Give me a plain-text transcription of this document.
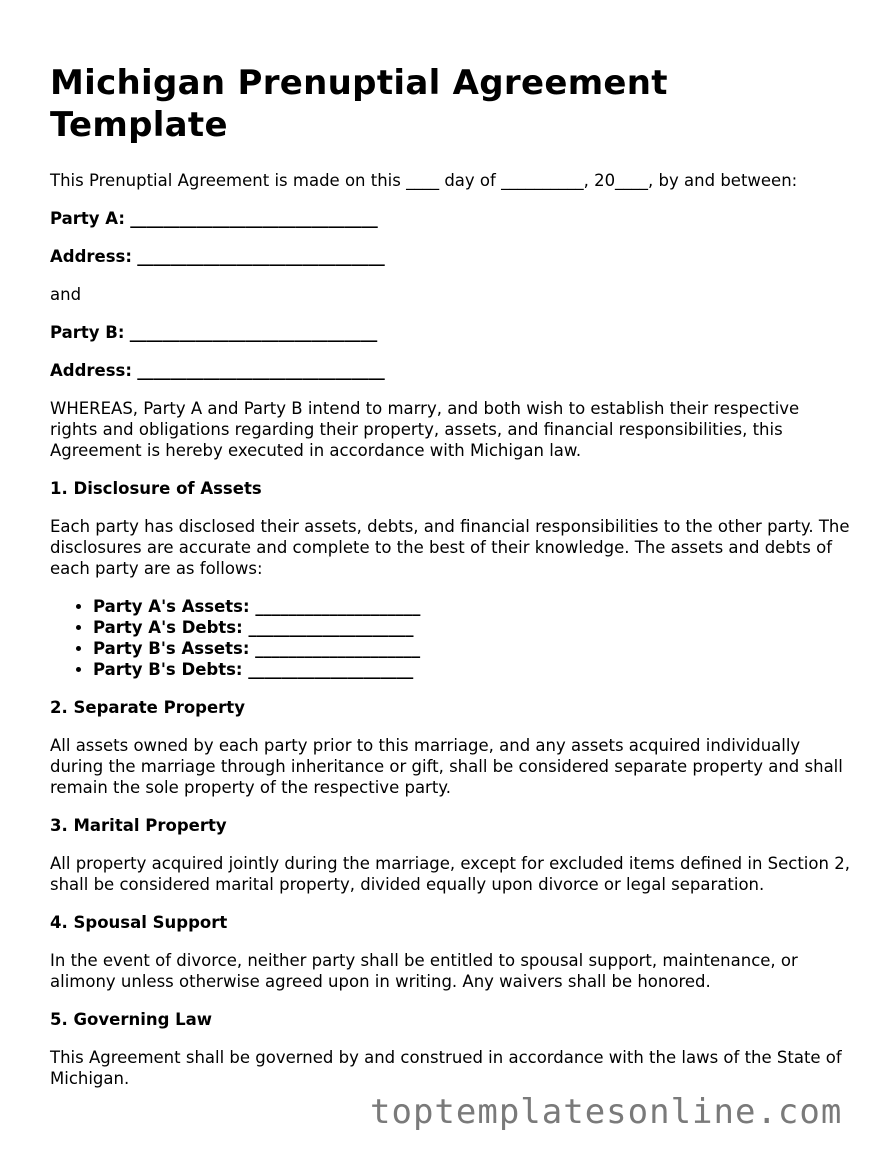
Michigan Prenuptial Agreement Template

This Prenuptial Agreement is made on this ____ day of __________, 20____, by and between:

Party A: ______________________________
Address: ______________________________

and

Party B: ______________________________
Address: ______________________________

WHEREAS, Party A and Party B intend to marry, and both wish to establish their respective rights and obligations regarding their property, assets, and financial responsibilities, this Agreement is hereby executed in accordance with Michigan law.

1. Disclosure of Assets

Each party has disclosed their assets, debts, and financial responsibilities to the other party. The disclosures are accurate and complete to the best of their knowledge. The assets and debts of each party are as follows:

• Party A's Assets: ____________________
• Party A's Debts: ____________________
• Party B's Assets: ____________________
• Party B's Debts: ____________________
2. Separate Property

All assets owned by each party prior to this marriage, and any assets acquired individually during the marriage through inheritance or gift, shall be considered separate property and shall remain the sole property of the respective party.

3. Marital Property

All property acquired jointly during the marriage, except for excluded items defined in Section 2, shall be considered marital property, divided equally upon divorce or legal separation.

4. Spousal Support

In the event of divorce, neither party shall be entitled to spousal support, maintenance, or alimony unless otherwise agreed upon in writing. Any waivers shall be honored.

5. Governing Law

This Agreement shall be governed by and construed in accordance with the laws of the State of Michigan.

toptemplatesonline.com
